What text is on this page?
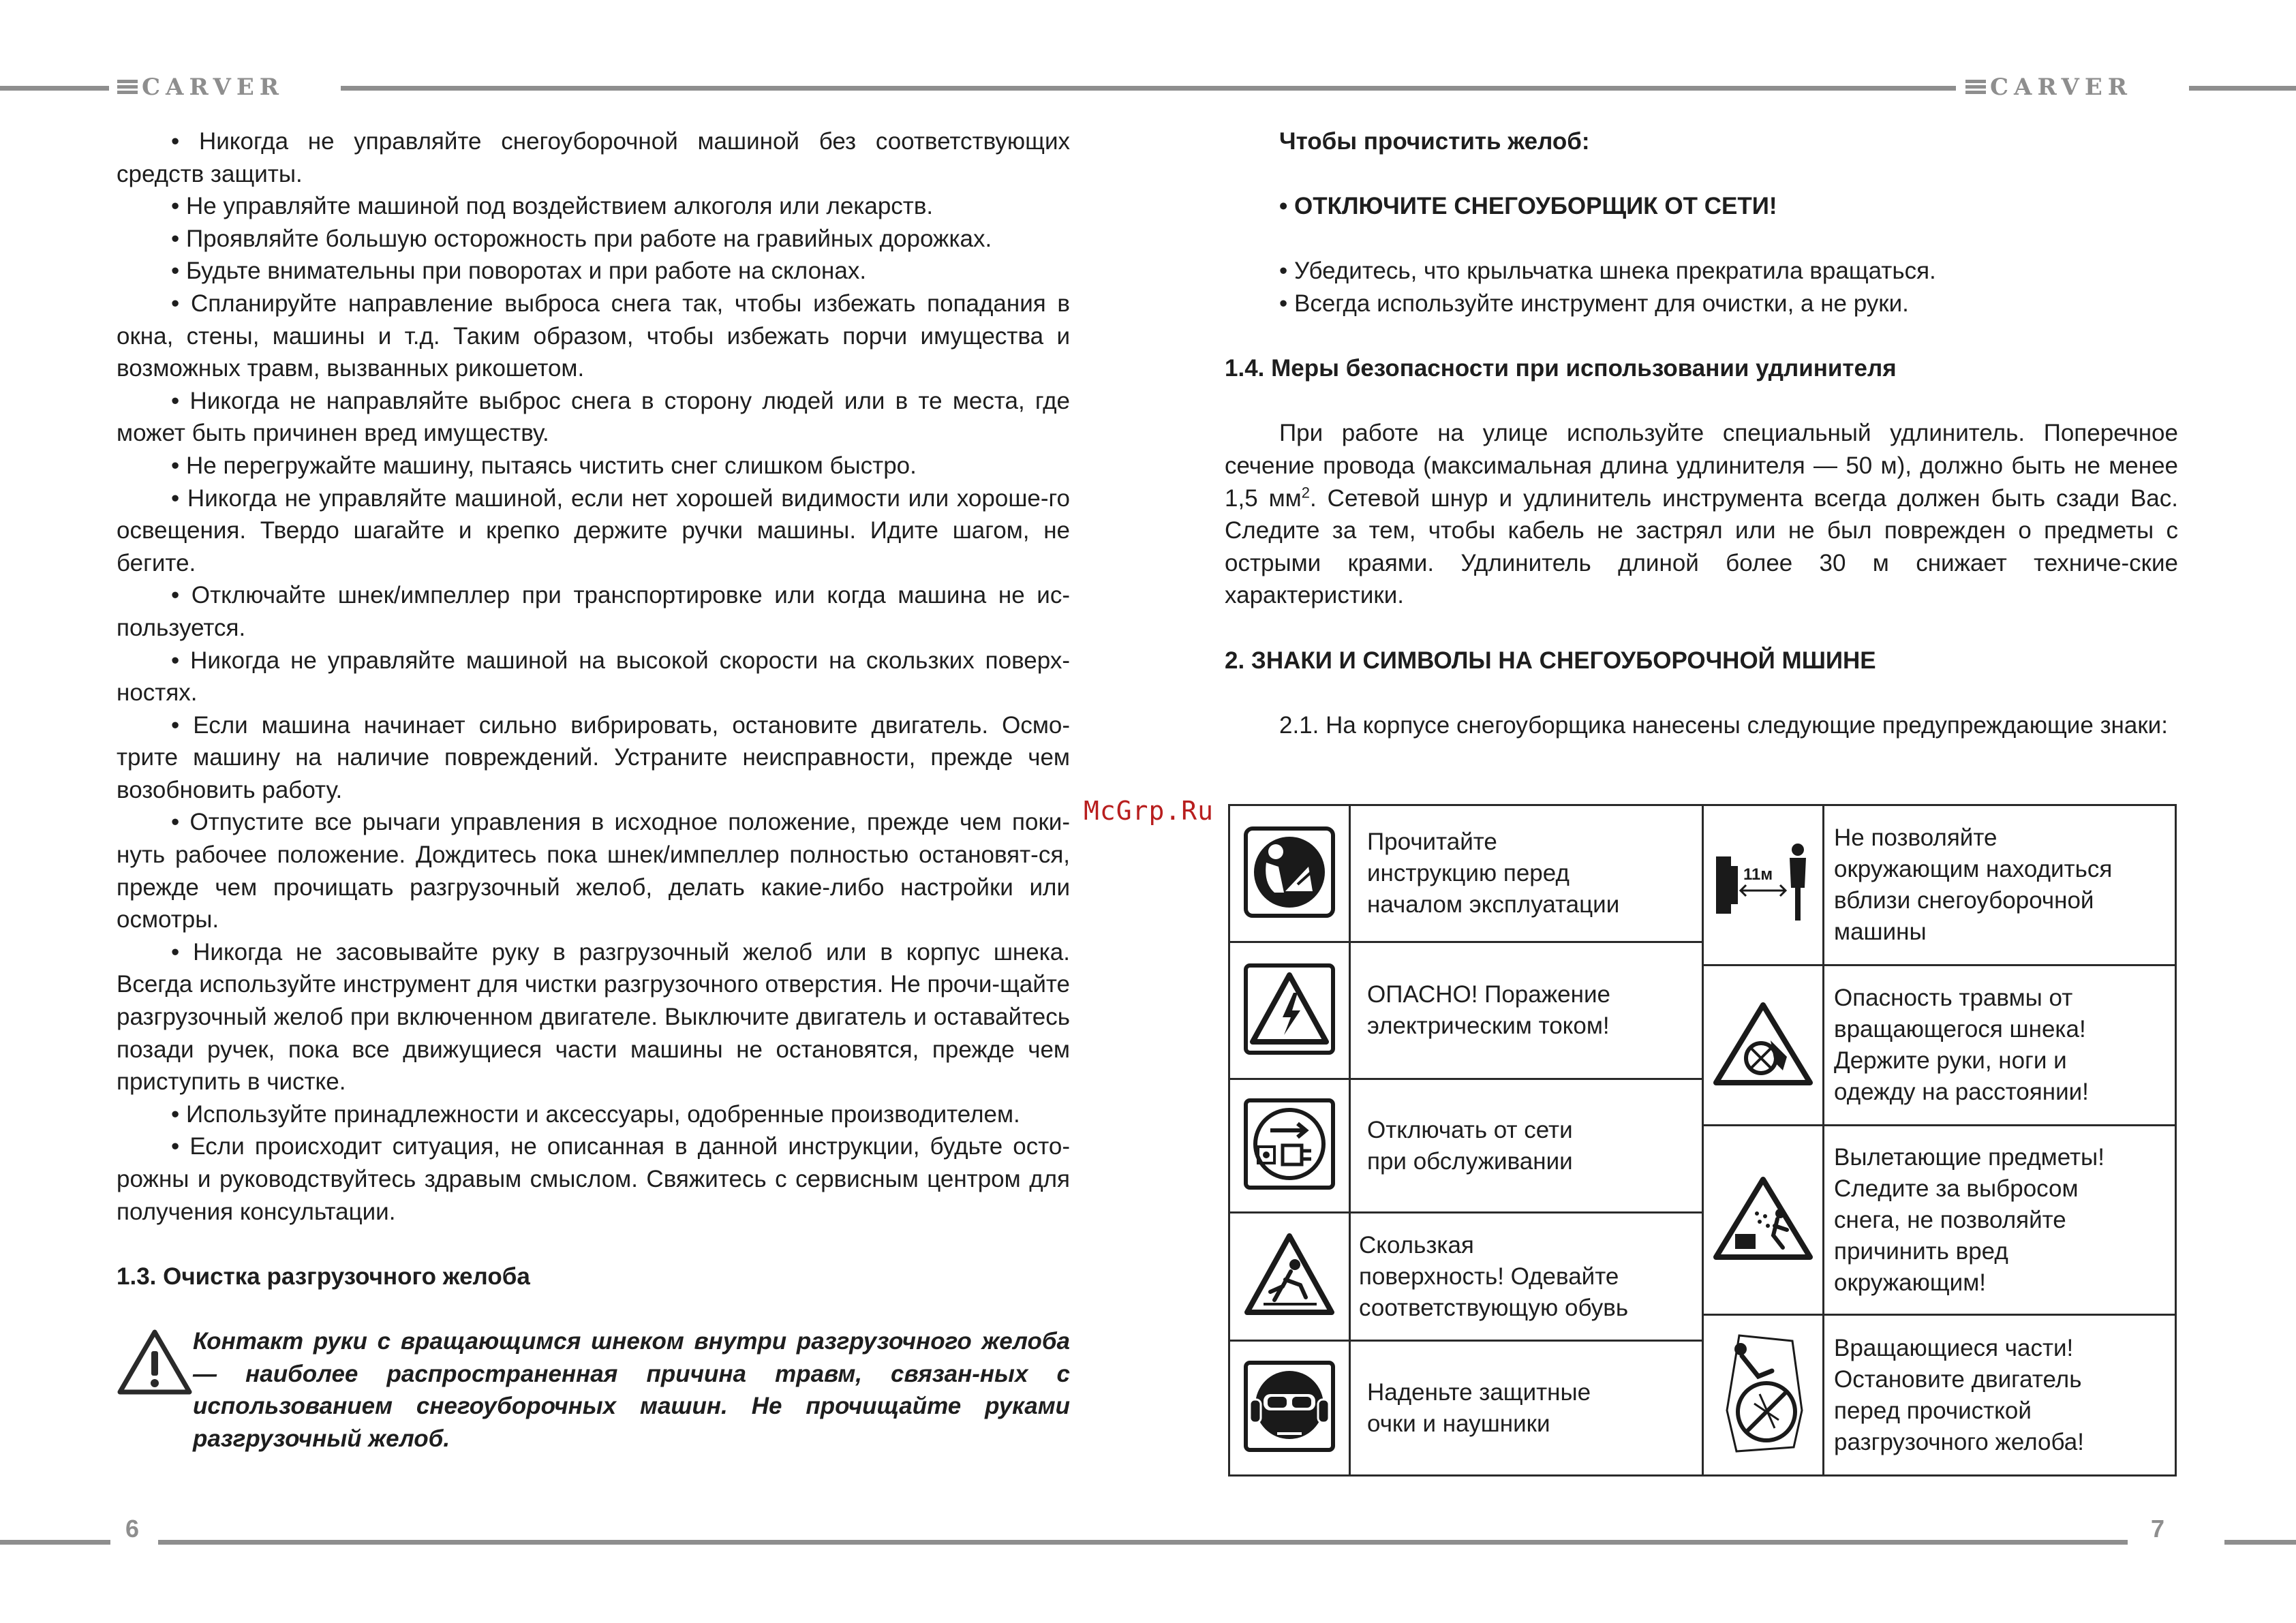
CARVER	CARVER
6	7

• Никогда не управляйте снегоуборочной машиной без соответствующих средств защиты.

• Не управляйте машиной под воздействием алкоголя или лекарств.

• Проявляйте большую осторожность при работе на гравийных дорожках.

• Будьте внимательны при поворотах и при работе на склонах.

• Спланируйте направление выброса снега так, чтобы избежать попадания в окна, стены, машины и т.д. Таким образом, чтобы избежать порчи имущества и возможных травм, вызванных рикошетом.

• Никогда не направляйте выброс снега в сторону людей или в те места, где может быть причинен вред имуществу.

• Не перегружайте машину, пытаясь чистить снег слишком быстро.

• Никогда не управляйте машиной, если нет хорошей видимости или хороше-го освещения. Твердо шагайте и крепко держите ручки машины. Идите шагом, не бегите.

• Отключайте шнек/импеллер при транспортировке или когда машина не ис-пользуется.

• Никогда не управляйте машиной на высокой скорости на скользких поверх-ностях.

• Если машина начинает сильно вибрировать, остановите двигатель. Осмо-трите машину на наличие повреждений. Устраните неисправности, прежде чем возобновить работу.

• Отпустите все рычаги управления в исходное положение, прежде чем поки-нуть рабочее положение. Дождитесь пока шнек/импеллер полностью остановят-ся, прежде чем прочищать разгрузочный желоб, делать какие-либо настройки или осмотры.

• Никогда не засовывайте руку в разгрузочный желоб или в корпус шнека. Всегда используйте инструмент для чистки разгрузочного отверстия. Не прочи-щайте разгрузочный желоб при включенном двигателе. Выключите двигатель и оставайтесь позади ручек, пока все движущиеся части машины не остановятся, прежде чем приступить в чистке.

• Используйте принадлежности и аксессуары, одобренные производителем.

• Если происходит ситуация, не описанная в данной инструкции, будьте осто-рожны и руководствуйтесь здравым смыслом. Свяжитесь с сервисным центром для получения консультации.

1.3. Очистка разгрузочного желоба

Контакт руки с вращающимся шнеком внутри разгрузочного желоба — наиболее распространенная причина травм, связан-ных с использованием снегоуборочных машин. Не прочищайте руками разгрузочный желоб.

McGrp.Ru
Чтобы прочистить желоб:
• ОТКЛЮЧИТЕ СНЕГОУБОРЩИК ОТ СЕТИ!

• Убедитесь, что крыльчатка шнека прекратила вращаться.

• Всегда используйте инструмент для очистки, а не руки.

1.4. Меры безопасности при использовании удлинителя

При работе на улице используйте специальный удлинитель. Поперечное сечение провода (максимальная длина удлинителя — 50 м), должно быть не менее 1,5 $мм^2$. Сетевой шнур и удлинитель инструмента всегда должен быть сзади Вас. Следите за тем, чтобы кабель не застрял или не был поврежден о предметы с острыми краями. Удлинитель длиной более 30 м снижает техниче-ские характеристики.

2. ЗНАКИ И СИМВОЛЫ НА СНЕГОУБОРОЧНОЙ МШИНЕ

2.1. На корпусе снегоуборщика нанесены следующие предупреждающие знаки:

	Прочитайте
инструкцию перед
началом эксплуатации
	ОПАСНО! Поражение
электрическим током!
	Отключать от сети
при обслуживании
	Скользкая
поверхность! Одевайте
соответствующую обувь
	Наденьте защитные
очки и наушники
11м	Не позволяйте
окружающим находиться
вблизи снегоуборочной
машины
	Опасность травмы от
вращающегося шнека!
Держите руки, ноги и
одежду на расстоянии!
	Вылетающие предметы!
Следите за выбросом
снега, не позволяйте
причинить вред
окружающим!
	Вращающиеся части!
Остановите двигатель
перед прочисткой
разгрузочного желоба!
